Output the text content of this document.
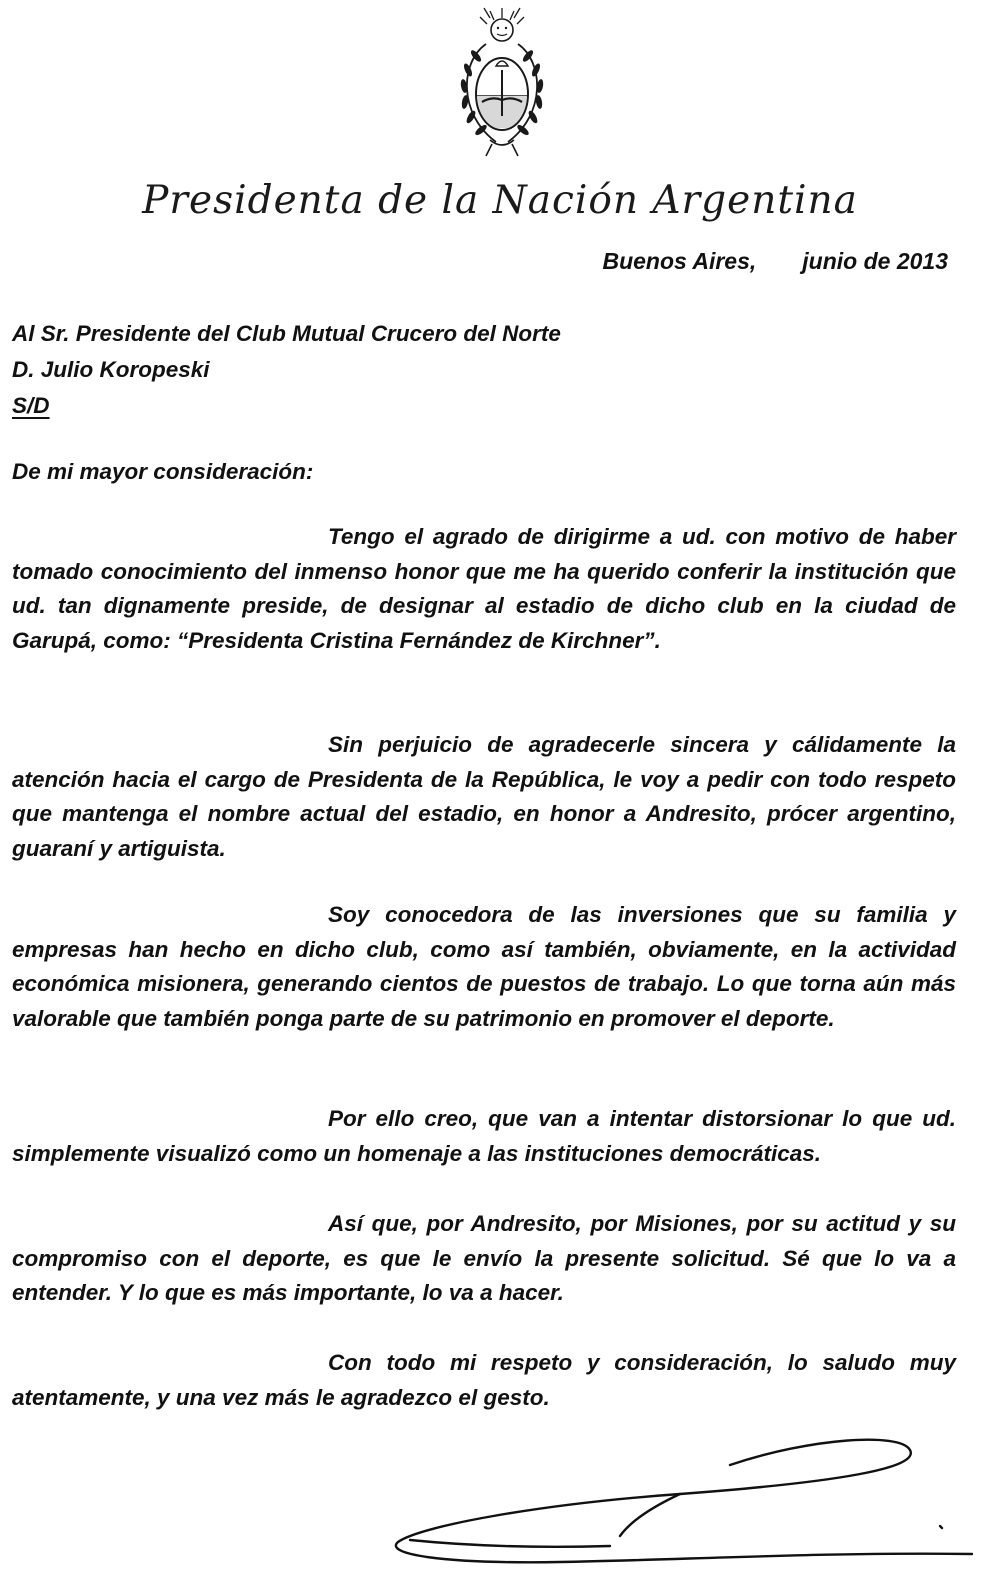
Presidenta de la Nación Argentina
Buenos Aires, junio de 2013
Al Sr. Presidente del Club Mutual Crucero del Norte
D. Julio Koropeski
S/D
De mi mayor consideración:

Tengo el agrado de dirigirme a ud. con motivo de haber tomado conocimiento del inmenso honor que me ha querido conferir la institución que ud. tan dignamente preside, de designar al estadio de dicho club en la ciudad de Garupá, como: “Presidenta Cristina Fernández de Kirchner”.

Sin perjuicio de agradecerle sincera y cálidamente la atención hacia el cargo de Presidenta de la República, le voy a pedir con todo respeto que mantenga el nombre actual del estadio, en honor a Andresito, prócer argentino, guaraní y artiguista.

Soy conocedora de las inversiones que su familia y empresas han hecho en dicho club, como así también, obviamente, en la actividad económica misionera, generando cientos de puestos de trabajo. Lo que torna aún más valorable que también ponga parte de su patrimonio en promover el deporte.

Por ello creo, que van a intentar distorsionar lo que ud. simplemente visualizó como un homenaje a las instituciones democráticas.

Así que, por Andresito, por Misiones, por su actitud y su compromiso con el deporte, es que le envío la presente solicitud. Sé que lo va a entender. Y lo que es más importante, lo va a hacer.

Con todo mi respeto y consideración, lo saludo muy atentamente, y una vez más le agradezco el gesto.
